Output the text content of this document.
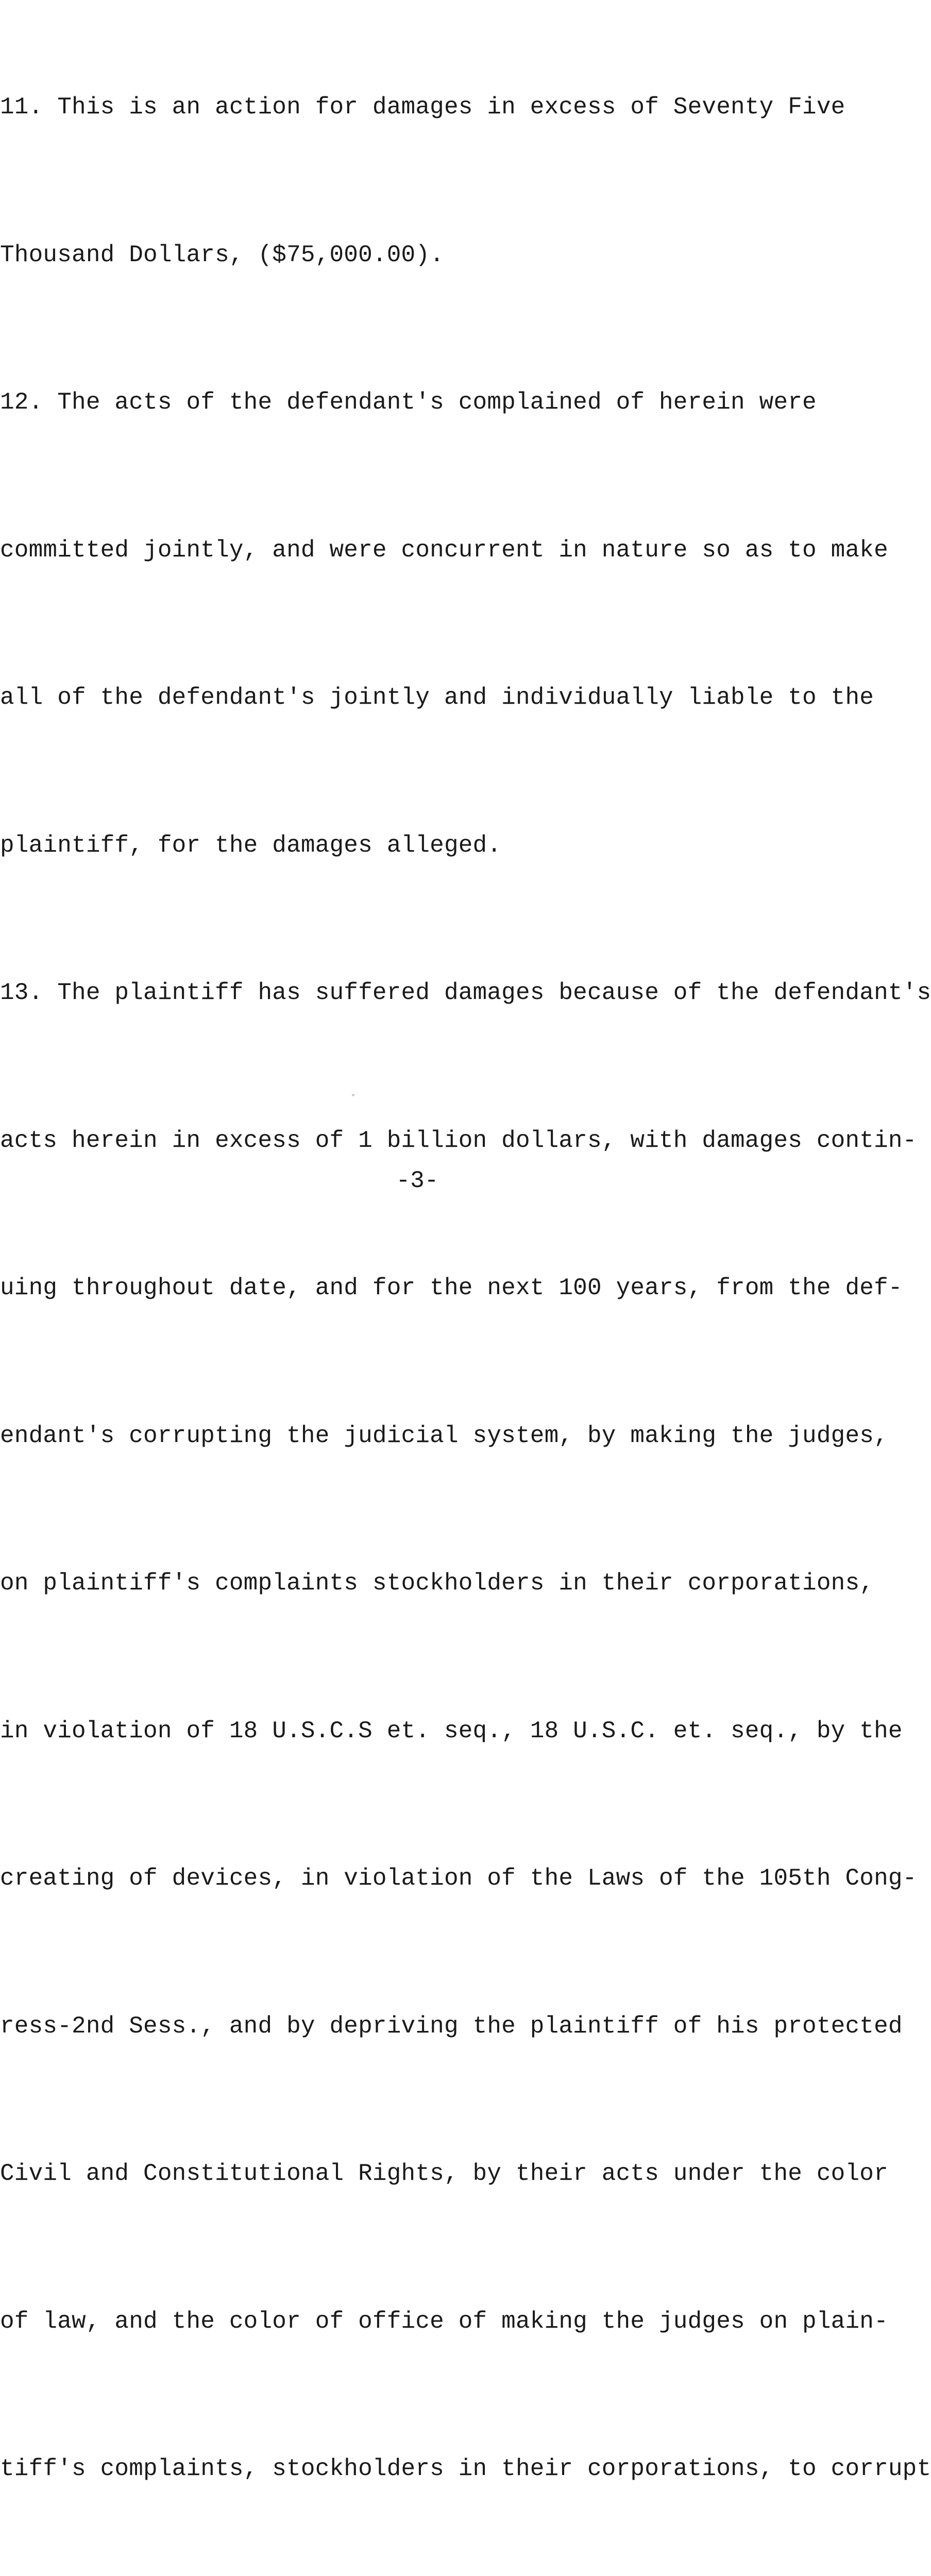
11. This is an action for damages in excess of Seventy Five

Thousand Dollars, ($75,000.00).

12. The acts of the defendant's complained of herein were

committed jointly, and were concurrent in nature so as to make

all of the defendant's jointly and individually liable to the

plaintiff, for the damages alleged.

13. The plaintiff has suffered damages because of the defendant's

acts herein in excess of 1 billion dollars, with damages contin-

uing throughout date, and for the next 100 years, from the def-

endant's corrupting the judicial system, by making the judges,

on plaintiff's complaints stockholders in their corporations,

in violation of 18 U.S.C.S et. seq., 18 U.S.C. et. seq., by the

creating of devices, in violation of the Laws of the 105th Cong-

ress-2nd Sess., and by depriving the plaintiff of his protected

Civil and Constitutional Rights, by their acts under the color

of law, and the color of office of making the judges on plain-

tiff's complaints, stockholders in their corporations, to corrupt

-3-
